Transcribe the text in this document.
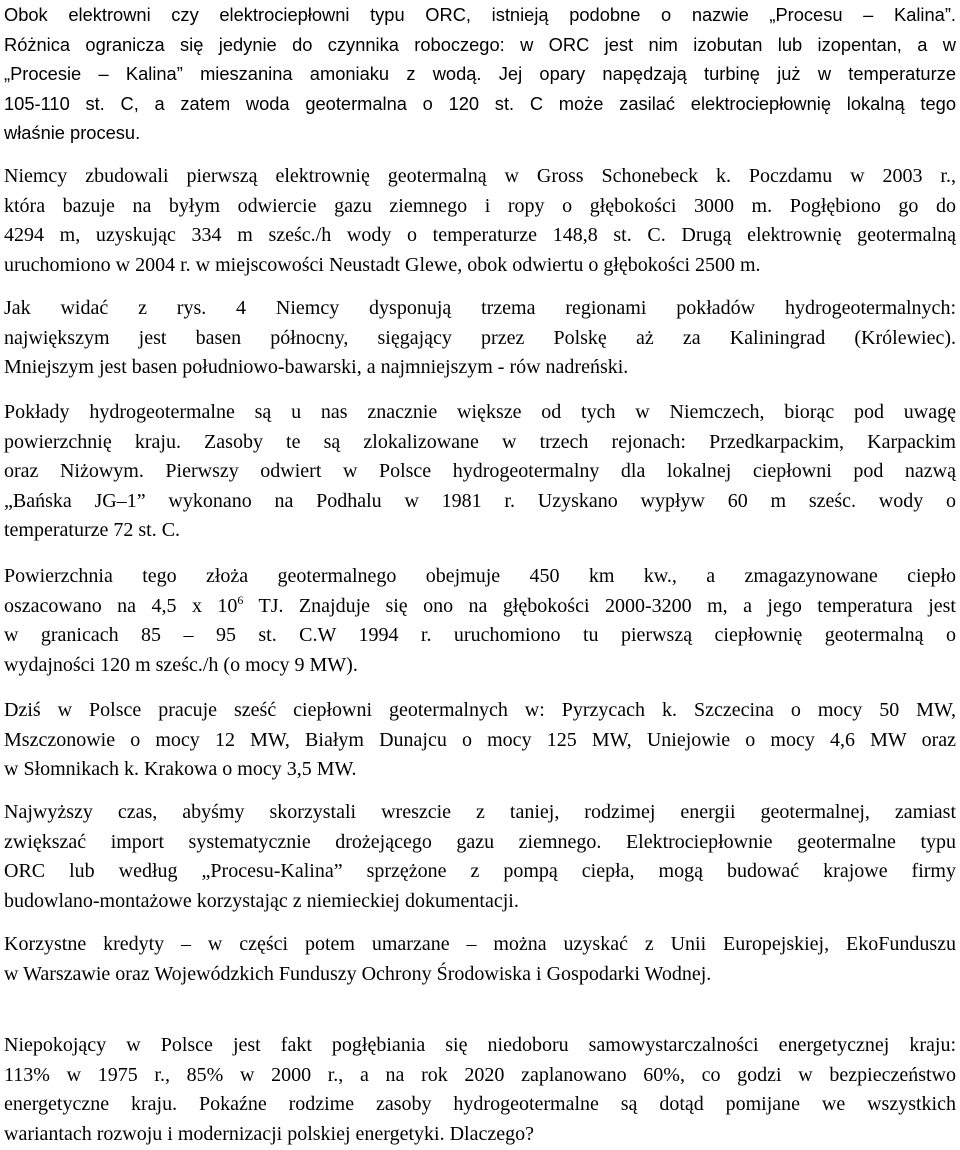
Obok elektrowni czy elektrociepłowni typu ORC, istnieją podobne o nazwie „Procesu – Kalina”.
Różnica ogranicza się jedynie do czynnika roboczego: w ORC jest nim izobutan lub izopentan, a w
„Procesie – Kalina” mieszanina amoniaku z wodą. Jej opary napędzają turbinę już w temperaturze
105-110 st. C, a zatem woda geotermalna o 120 st. C może zasilać elektrociepłownię lokalną tego
właśnie procesu.

Niemcy zbudowali pierwszą elektrownię geotermalną w Gross Schonebeck k. Poczdamu w 2003 r.,
która bazuje na byłym odwiercie gazu ziemnego i ropy o głębokości 3000 m. Pogłębiono go do
4294 m, uzyskując 334 m sześc./h wody o temperaturze 148,8 st. C. Drugą elektrownię geotermalną
uruchomiono w 2004 r. w miejscowości Neustadt Glewe, obok odwiertu o głębokości 2500 m.

Jak widać z rys. 4 Niemcy dysponują trzema regionami pokładów hydrogeotermalnych:
największym jest basen północny, sięgający przez Polskę aż za Kaliningrad (Królewiec).
Mniejszym jest basen południowo-bawarski, a najmniejszym - rów nadreński.

Pokłady hydrogeotermalne są u nas znacznie większe od tych w Niemczech, biorąc pod uwagę
powierzchnię kraju. Zasoby te są zlokalizowane w trzech rejonach: Przedkarpackim, Karpackim
oraz Niżowym. Pierwszy odwiert w Polsce hydrogeotermalny dla lokalnej ciepłowni pod nazwą
„Bańska JG–1” wykonano na Podhalu w 1981 r. Uzyskano wypływ 60 m sześc. wody o
temperaturze 72 st. C.

Powierzchnia tego złoża geotermalnego obejmuje 450 km kw., a zmagazynowane ciepło
oszacowano na 4,5 x $10^6$ TJ. Znajduje się ono na głębokości 2000-3200 m, a jego temperatura jest
w granicach 85 – 95 st. C.W 1994 r. uruchomiono tu pierwszą ciepłownię geotermalną o
wydajności 120 m sześc./h (o mocy 9 MW).

Dziś w Polsce pracuje sześć ciepłowni geotermalnych w: Pyrzycach k. Szczecina o mocy 50 MW,
Mszczonowie o mocy 12 MW, Białym Dunajcu o mocy 125 MW, Uniejowie o mocy 4,6 MW oraz
w Słomnikach k. Krakowa o mocy 3,5 MW.

Najwyższy czas, abyśmy skorzystali wreszcie z taniej, rodzimej energii geotermalnej, zamiast
zwiększać import systematycznie drożejącego gazu ziemnego. Elektrociepłownie geotermalne typu
ORC lub według „Procesu-Kalina” sprzężone z pompą ciepła, mogą budować krajowe firmy
budowlano-montażowe korzystając z niemieckiej dokumentacji.

Korzystne kredyty – w części potem umarzane – można uzyskać z Unii Europejskiej, EkoFunduszu
w Warszawie oraz Wojewódzkich Funduszy Ochrony Środowiska i Gospodarki Wodnej.

Niepokojący w Polsce jest fakt pogłębiania się niedoboru samowystarczalności energetycznej kraju:
113% w 1975 r., 85% w 2000 r., a na rok 2020 zaplanowano 60%, co godzi w bezpieczeństwo
energetyczne kraju. Pokaźne rodzime zasoby hydrogeotermalne są dotąd pomijane we wszystkich
wariantach rozwoju i modernizacji polskiej energetyki. Dlaczego?
